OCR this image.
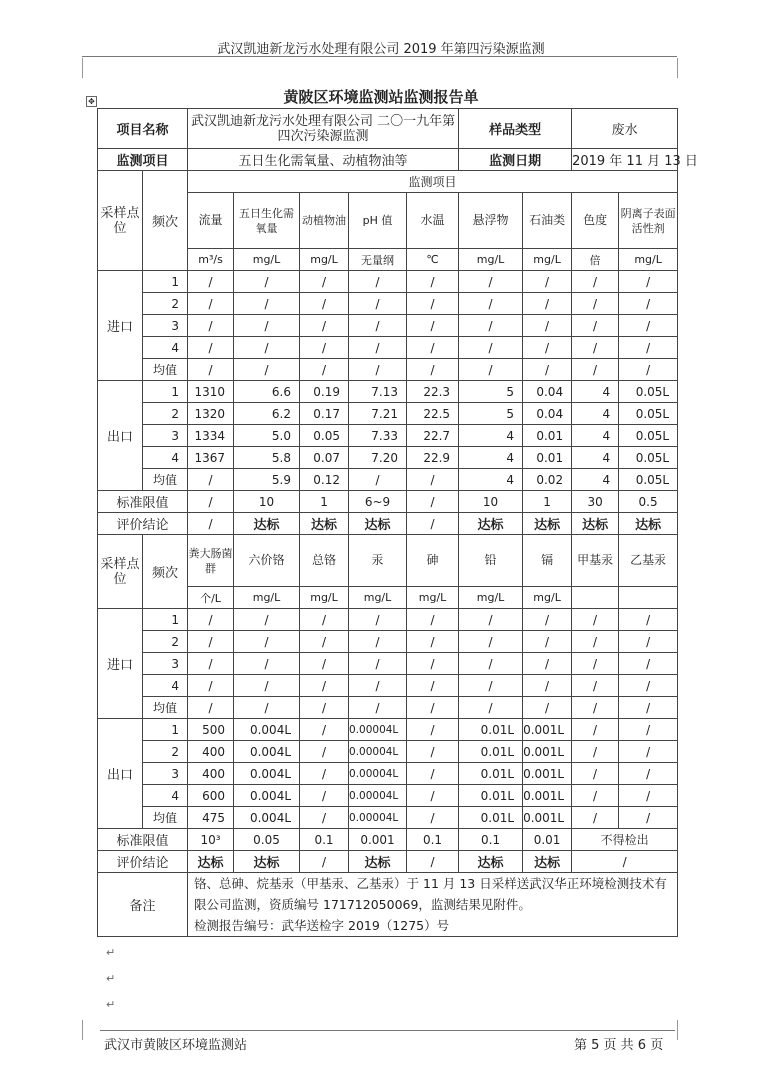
武汉凯迪新龙污水处理有限公司 2019 年第四污染源监测
✥	黄陂区环境监测站监测报告单
项目名称		武汉凯迪新龙污水处理有限公司 二〇一九年第四次污染源监测					样品类型		废水	
监测项目		五日生化需氧量、动植物油等					监测日期		2019 年 11 月 13 日	
采样点位	频次	监测项目								
		流量	五日生化需氧量	动植物油	pH 值	水温	悬浮物	石油类	色度	阴离子表面活性剂
		m³/s	mg/L	mg/L	无量纲	℃	mg/L	mg/L	倍	mg/L
进口	1	/	/	/	/	/	/	/	/	/
	2	/	/	/	/	/	/	/	/	/
	3	/	/	/	/	/	/	/	/	/
	4	/	/	/	/	/	/	/	/	/
	均值	/	/	/	/	/	/	/	/	/
出口	1	1310	6.6	0.19	7.13	22.3	5	0.04	4	0.05L
	2	1320	6.2	0.17	7.21	22.5	5	0.04	4	0.05L
	3	1334	5.0	0.05	7.33	22.7	4	0.01	4	0.05L
	4	1367	5.8	0.07	7.20	22.9	4	0.01	4	0.05L
	均值	/	5.9	0.12	/	/	4	0.02	4	0.05L
标准限值		/	10	1	6~9	/	10	1	30	0.5
评价结论		/	达标	达标	达标	/	达标	达标	达标	达标
采样点位	频次	粪大肠菌群	六价铬	总铬	汞	砷	铅	镉	甲基汞	乙基汞
		个/L	mg/L	mg/L	mg/L	mg/L	mg/L	mg/L		
进口	1	/	/	/	/	/	/	/	/	/
	2	/	/	/	/	/	/	/	/	/
	3	/	/	/	/	/	/	/	/	/
	4	/	/	/	/	/	/	/	/	/
	均值	/	/	/	/	/	/	/	/	/
出口	1	500	0.004L	/	0.00004L	/	0.01L	0.001L	/	/
	2	400	0.004L	/	0.00004L	/	0.01L	0.001L	/	/
	3	400	0.004L	/	0.00004L	/	0.01L	0.001L	/	/
	4	600	0.004L	/	0.00004L	/	0.01L	0.001L	/	/
	均值	475	0.004L	/	0.00004L	/	0.01L	0.001L	/	/
标准限值		10³	0.05	0.1	0.001	0.1	0.1	0.01	不得检出	
评价结论		达标	达标	/	达标	/	达标	达标	/	
备注		铬、总砷、烷基汞（甲基汞、乙基汞）于 11 月 13 日采样送武汉华正环境检测技术有限公司监测，资质编号 171712050069，监测结果见附件。
检测报告编号：武华送检字 2019（1275）号								
武汉市黄陂区环境监测站	第 5 页 共 6 页
↵
↵
↵
